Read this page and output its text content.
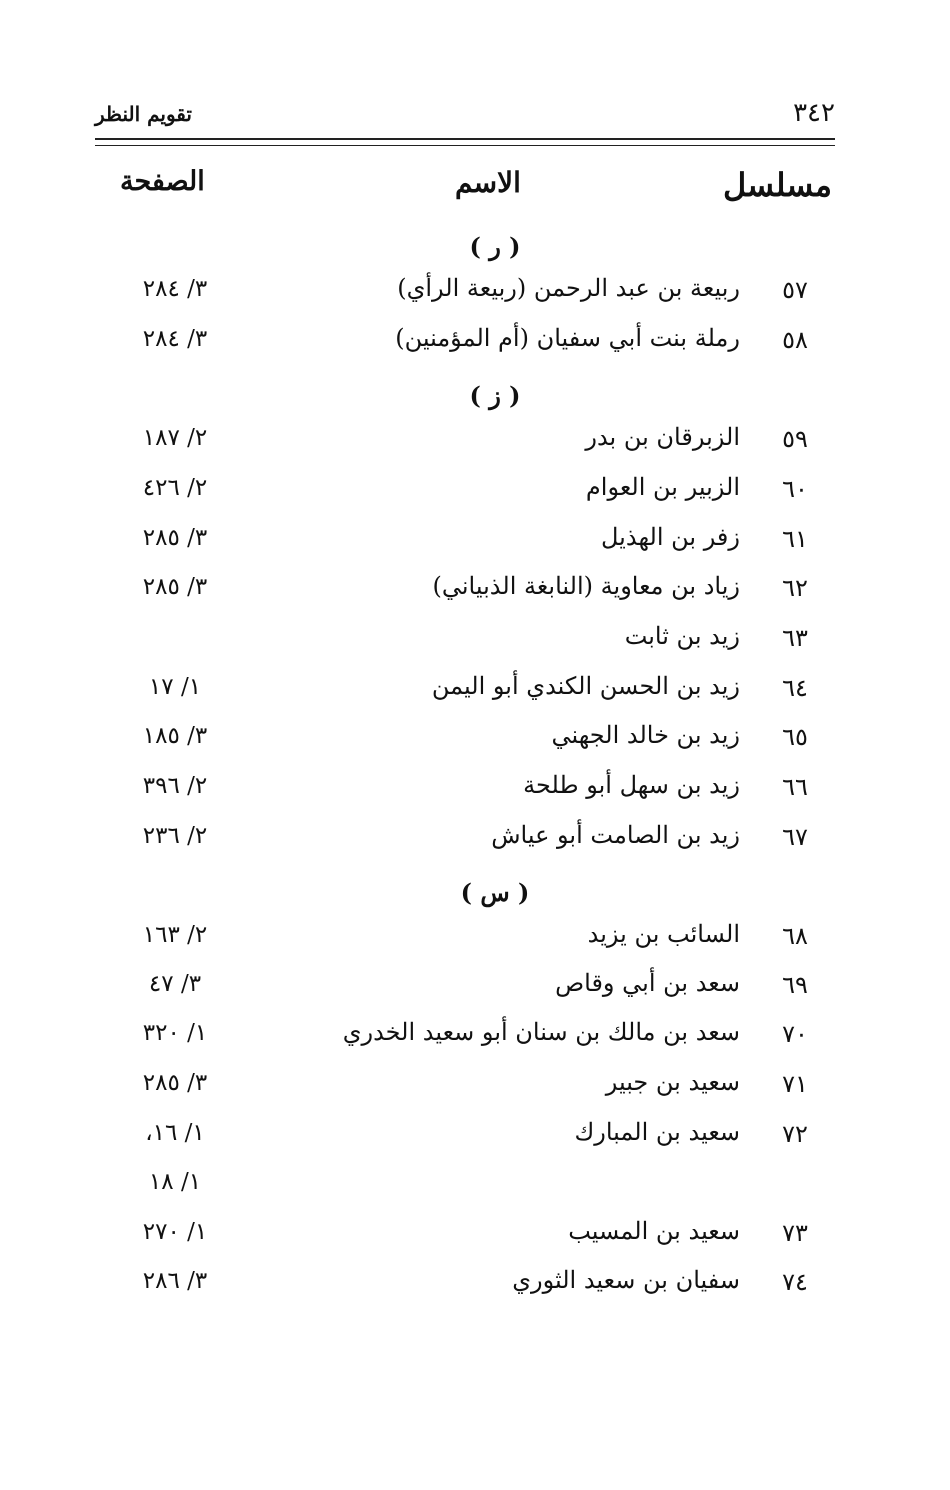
٣٤٢
تقويم النظر
مسلسل
الاسم
الصفحة
( ر )
٥٧
ربيعة بن عبد الرحمن (ربيعة الرأي)
٣/ ٢٨٤
٥٨
رملة بنت أبي سفيان (أم المؤمنين)
٣/ ٢٨٤
( ز )
٥٩
الزبرقان بن بدر
٢/ ١٨٧
٦٠
الزبير بن العوام
٢/ ٤٢٦
٦١
زفر بن الهذيل
٣/ ٢٨٥
٦٢
زياد بن معاوية (النابغة الذبياني)
٣/ ٢٨٥
٦٣
زيد بن ثابت
٦٤
زيد بن الحسن الكندي أبو اليمن
١/ ١٧
٦٥
زيد بن خالد الجهني
٣/ ١٨٥
٦٦
زيد بن سهل أبو طلحة
٢/ ٣٩٦
٦٧
زيد بن الصامت أبو عياش
٢/ ٢٣٦
( س )
٦٨
السائب بن يزيد
٢/ ١٦٣
٦٩
سعد بن أبي وقاص
٣/ ٤٧
٧٠
سعد بن مالك بن سنان أبو سعيد الخدري
١/ ٣٢٠
٧١
سعيد بن جبير
٣/ ٢٨٥
٧٢
سعيد بن المبارك
١/ ١٦،
١/ ١٨
٧٣
سعيد بن المسيب
١/ ٢٧٠
٧٤
سفيان بن سعيد الثوري
٣/ ٢٨٦
